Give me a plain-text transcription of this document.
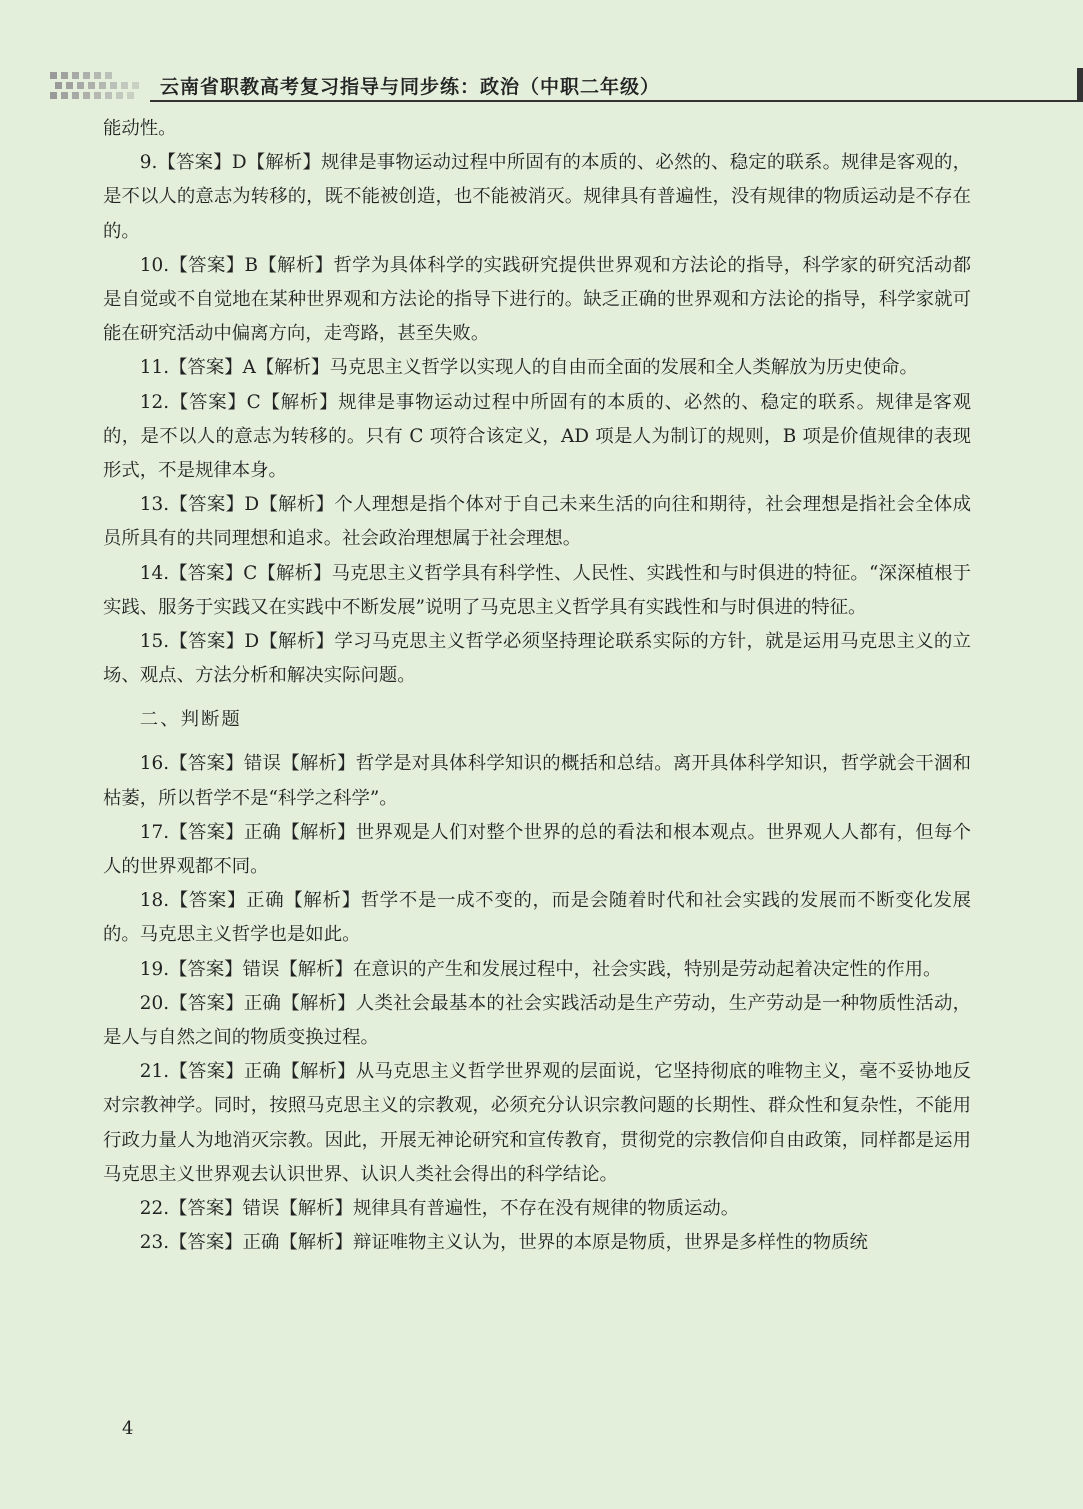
云南省职教高考复习指导与同步练：政治（中职二年级）

能动性。

9.【答案】D【解析】规律是事物运动过程中所固有的本质的、必然的、稳定的联系。规律是客观的，是不以人的意志为转移的，既不能被创造，也不能被消灭。规律具有普遍性，没有规律的物质运动是不存在的。

10.【答案】B【解析】哲学为具体科学的实践研究提供世界观和方法论的指导，科学家的研究活动都是自觉或不自觉地在某种世界观和方法论的指导下进行的。缺乏正确的世界观和方法论的指导，科学家就可能在研究活动中偏离方向，走弯路，甚至失败。

11.【答案】A【解析】马克思主义哲学以实现人的自由而全面的发展和全人类解放为历史使命。

12.【答案】C【解析】规律是事物运动过程中所固有的本质的、必然的、稳定的联系。规律是客观的，是不以人的意志为转移的。只有 C 项符合该定义，AD 项是人为制订的规则，B 项是价值规律的表现形式，不是规律本身。

13.【答案】D【解析】个人理想是指个体对于自己未来生活的向往和期待，社会理想是指社会全体成员所具有的共同理想和追求。社会政治理想属于社会理想。

14.【答案】C【解析】马克思主义哲学具有科学性、人民性、实践性和与时俱进的特征。“深深植根于实践、服务于实践又在实践中不断发展”说明了马克思主义哲学具有实践性和与时俱进的特征。

15.【答案】D【解析】学习马克思主义哲学必须坚持理论联系实际的方针，就是运用马克思主义的立场、观点、方法分析和解决实际问题。

二、判断题

16.【答案】错误【解析】哲学是对具体科学知识的概括和总结。离开具体科学知识，哲学就会干涸和枯萎，所以哲学不是“科学之科学”。

17.【答案】正确【解析】世界观是人们对整个世界的总的看法和根本观点。世界观人人都有，但每个人的世界观都不同。

18.【答案】正确【解析】哲学不是一成不变的，而是会随着时代和社会实践的发展而不断变化发展的。马克思主义哲学也是如此。

19.【答案】错误【解析】在意识的产生和发展过程中，社会实践，特别是劳动起着决定性的作用。

20.【答案】正确【解析】人类社会最基本的社会实践活动是生产劳动，生产劳动是一种物质性活动，是人与自然之间的物质变换过程。

21.【答案】正确【解析】从马克思主义哲学世界观的层面说，它坚持彻底的唯物主义，毫不妥协地反对宗教神学。同时，按照马克思主义的宗教观，必须充分认识宗教问题的长期性、群众性和复杂性，不能用行政力量人为地消灭宗教。因此，开展无神论研究和宣传教育，贯彻党的宗教信仰自由政策，同样都是运用马克思主义世界观去认识世界、认识人类社会得出的科学结论。

22.【答案】错误【解析】规律具有普遍性，不存在没有规律的物质运动。

23.【答案】正确【解析】辩证唯物主义认为，世界的本原是物质，世界是多样性的物质统

4
